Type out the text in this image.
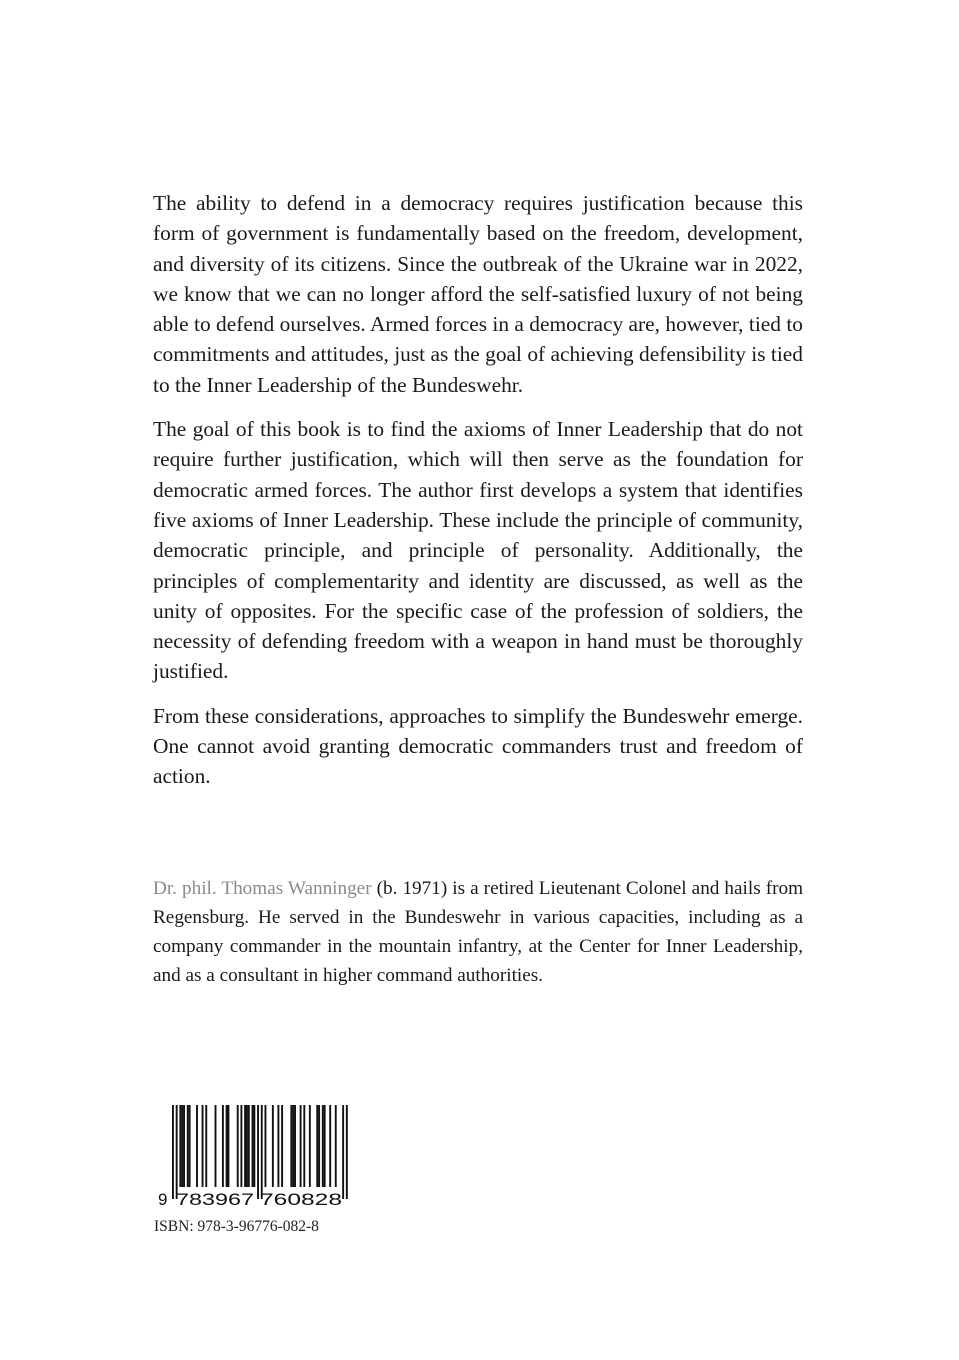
The ability to defend in a democracy requires justification because this form of government is fundamentally based on the freedom, development, and diversity of its citizens. Since the outbreak of the Ukraine war in 2022, we know that we can no longer afford the self-satisfied luxury of not being able to defend ourselves. Armed forces in a democracy are, however, tied to commitments and attitudes, just as the goal of achieving defensibility is tied to the Inner Leadership of the Bundeswehr.

The goal of this book is to find the axioms of Inner Leadership that do not require further justification, which will then serve as the foundation for democratic armed forces. The author first develops a system that identifies five axioms of Inner Leadership. These include the principle of community, democratic principle, and principle of personality. Additionally, the principles of complementarity and identity are discussed, as well as the unity of opposites. For the specific case of the profession of soldiers, the necessity of defending freedom with a weapon in hand must be thoroughly justified.

From these considerations, approaches to simplify the Bundeswehr emerge. One cannot avoid granting democratic commanders trust and freedom of action.

Dr. phil. Thomas Wanninger (b. 1971) is a retired Lieutenant Colonel and hails from Regensburg. He served in the Bundeswehr in various capacities, including as a company commander in the mountain infantry, at the Center for Inner Leadership, and as a consultant in higher command authorities.

9 783967 760828
ISBN: 978-3-96776-082-8
